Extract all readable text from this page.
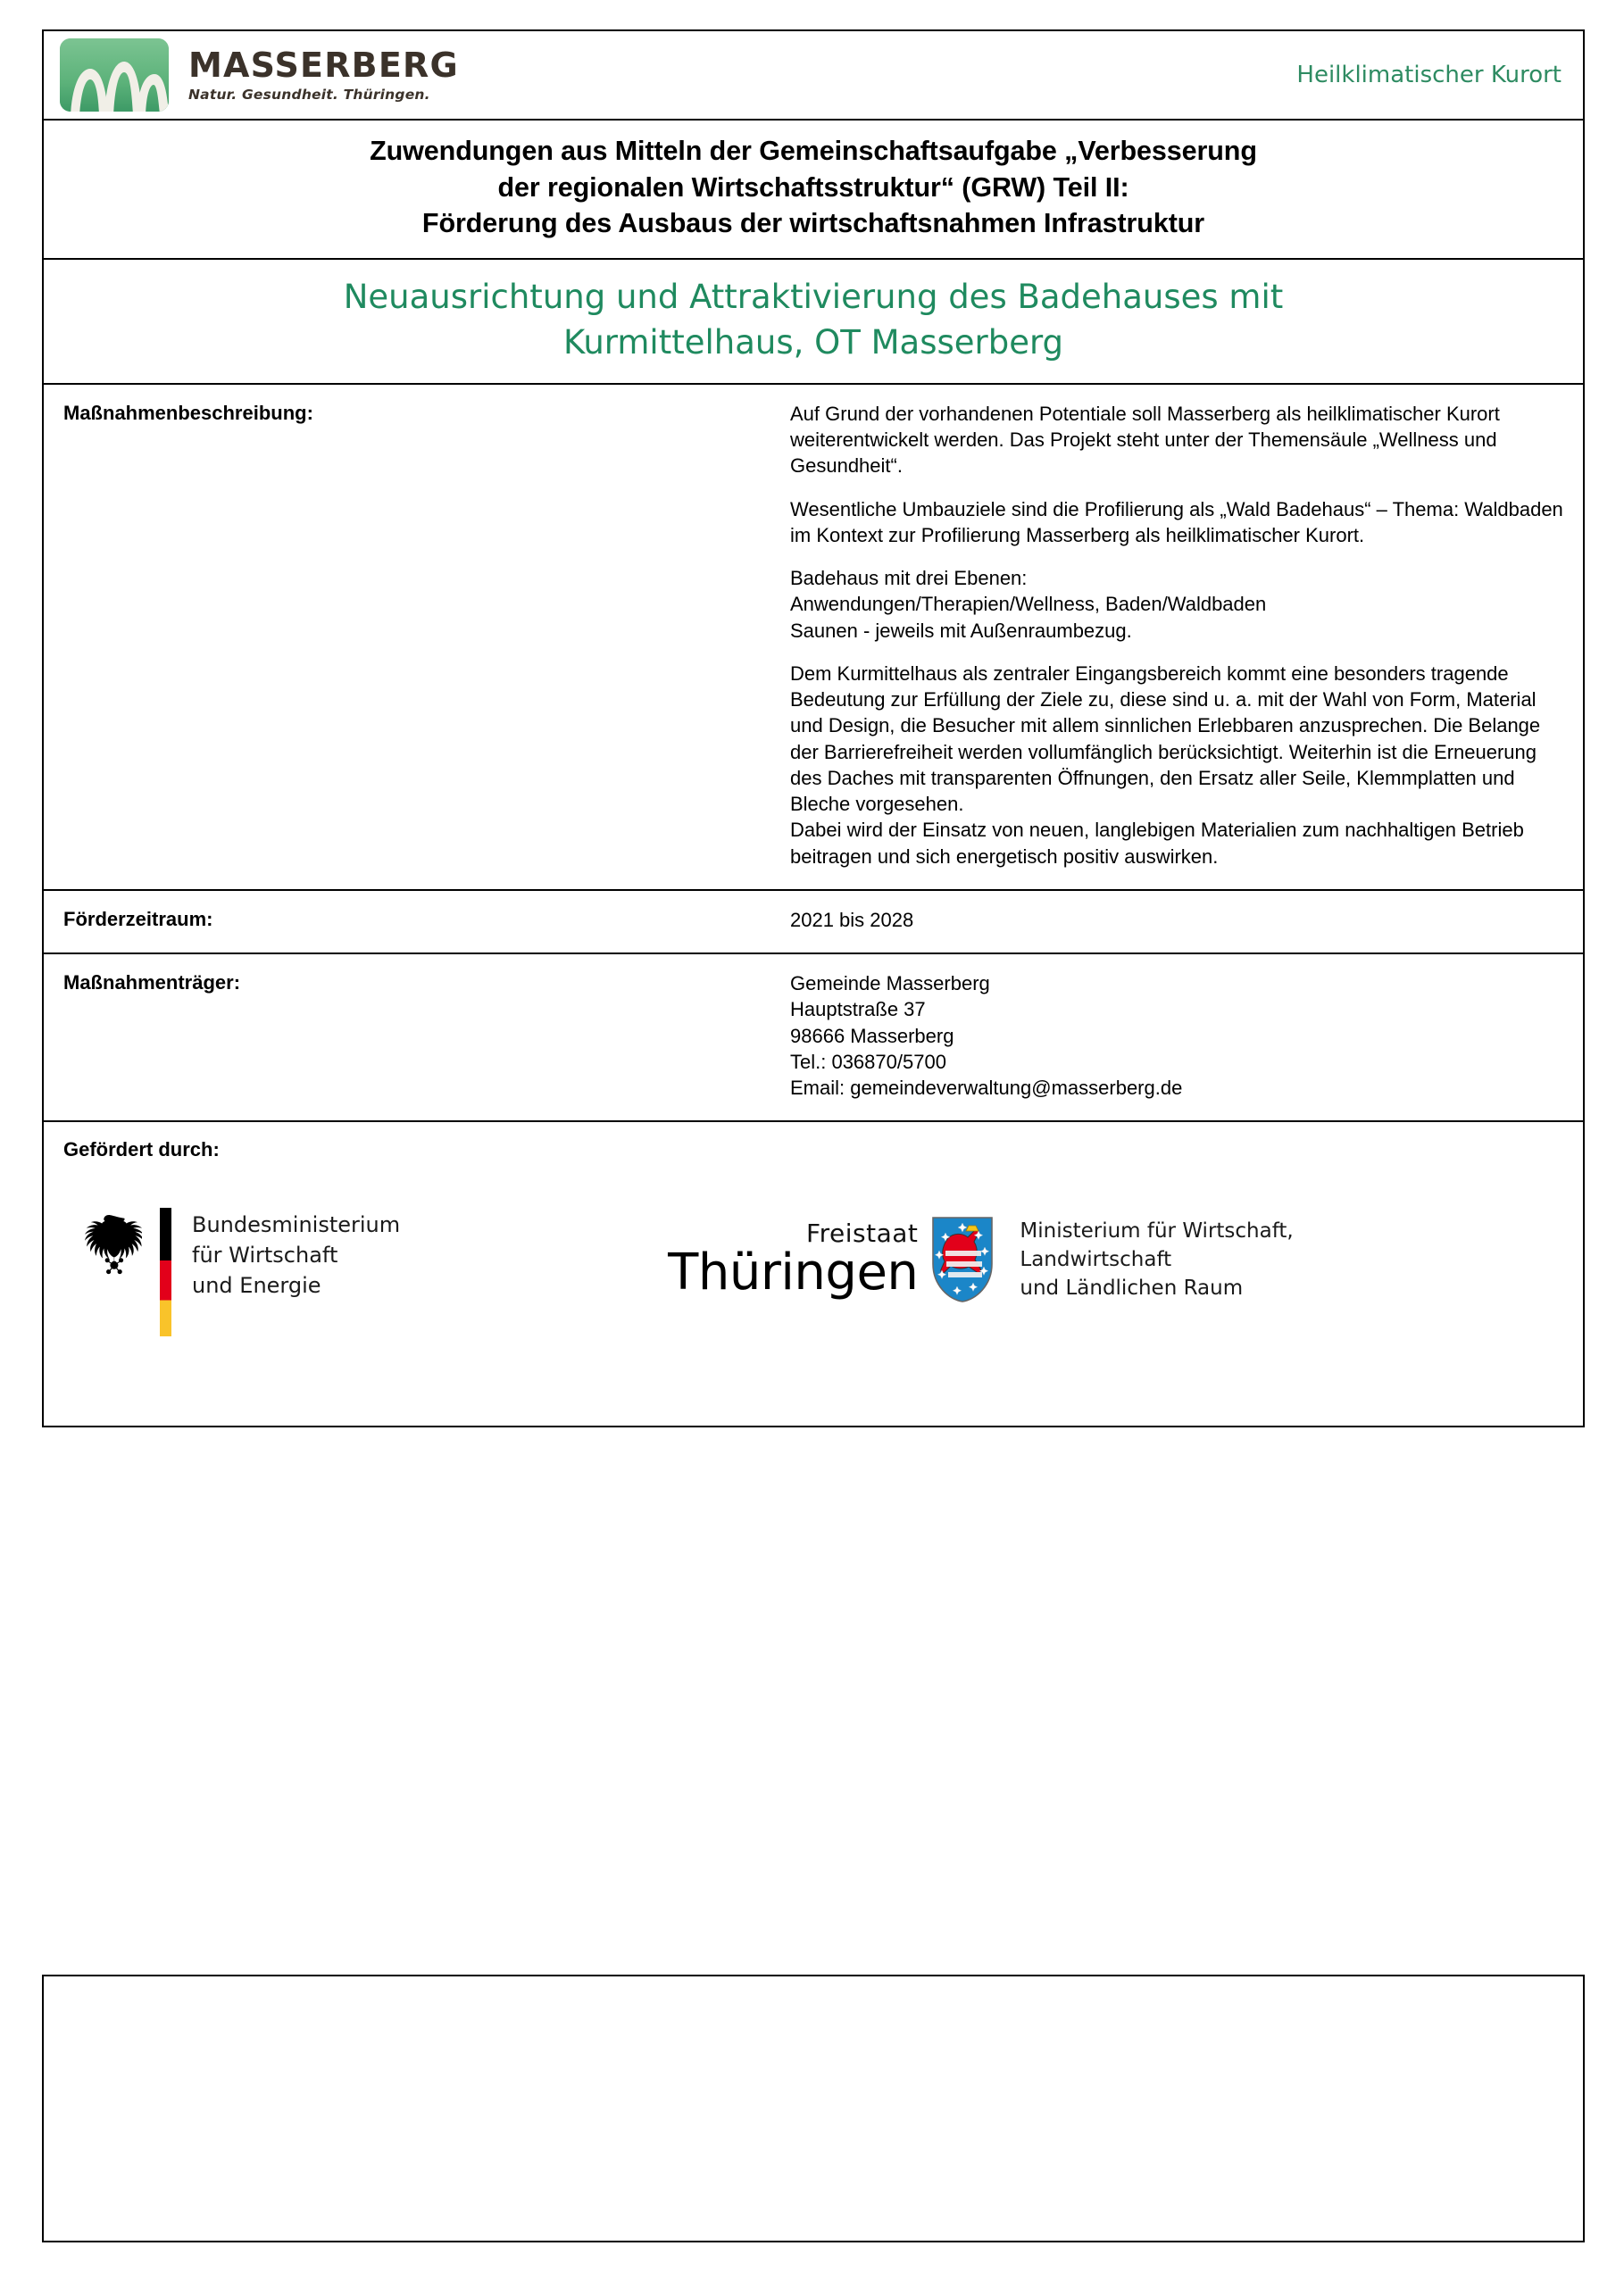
MASSERBERG
Natur. Gesundheit. Thüringen.
Heilklimatischer Kurort
Zuwendungen aus Mitteln der Gemeinschaftsaufgabe „Verbesserung
der regionalen Wirtschaftsstruktur“ (GRW) Teil II:
Förderung des Ausbaus der wirtschaftsnahmen Infrastruktur
Neuausrichtung und Attraktivierung des Badehauses mit
Kurmittelhaus, OT Masserberg
Maßnahmenbeschreibung:	Auf Grund der vorhandenen Potentiale soll Masserberg als heilklimatischer Kurort weiterentwickelt werden. Das Projekt steht unter der Themensäule „Wellness und Gesundheit“.

Wesentliche Umbauziele sind die Profilierung als „Wald Badehaus“ – Thema: Waldbaden im Kontext zur Profilierung Masserberg als heilklimatischer Kurort.

Badehaus mit drei Ebenen:
Anwendungen/Therapien/Wellness, Baden/Waldbaden
Saunen - jeweils mit Außenraumbezug.

Dem Kurmittelhaus als zentraler Eingangsbereich kommt eine besonders tragende Bedeutung zur Erfüllung der Ziele zu, diese sind u. a. mit der Wahl von Form, Material und Design, die Besucher mit allem sinnlichen Erlebbaren anzusprechen. Die Belange der Barrierefreiheit werden vollumfänglich berücksichtigt. Weiterhin ist die Erneuerung des Daches mit transparenten Öffnungen, den Ersatz aller Seile, Klemmplatten und Bleche vorgesehen.
Dabei wird der Einsatz von neuen, langlebigen Materialien zum nachhaltigen Betrieb beitragen und sich energetisch positiv auswirken.

Förderzeitraum:	2021 bis 2028
Maßnahmenträger:	Gemeinde Masserberg
Hauptstraße 37
98666 Masserberg
Tel.: 036870/5700
Email: gemeindeverwaltung@masserberg.de
Gefördert durch:
Bundesministerium
für Wirtschaft
und Energie
Freistaat
Thüringen
Ministerium für Wirtschaft,
Landwirtschaft
und Ländlichen Raum
